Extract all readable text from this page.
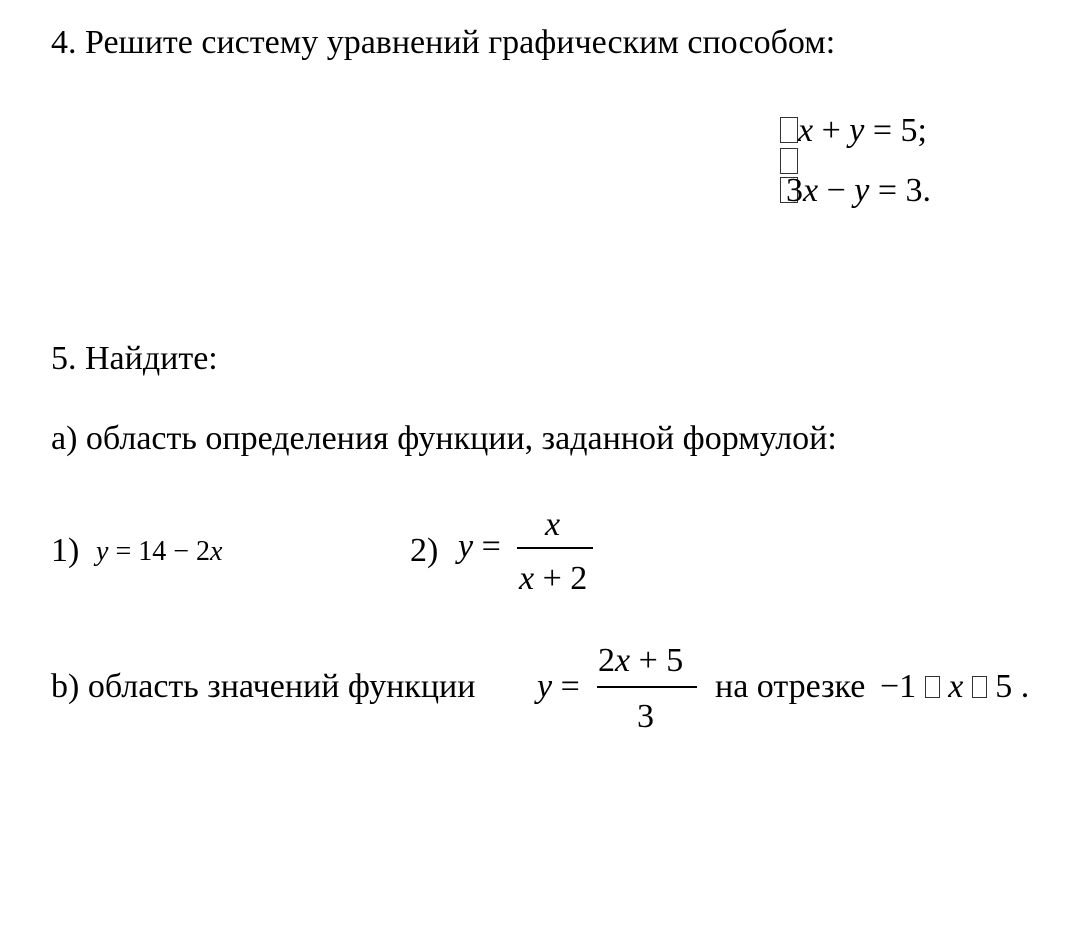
4. Решите систему уравнений графическим способом:
x + y = 5;
3x − y = 3.
5. Найдите:
a) область определения функции, заданной формулой:
1) y = 14 − 2x	2) y =
x
x + 2
b) область значений функции y =
2x + 5
3
на отрезке −1 x 5 .
